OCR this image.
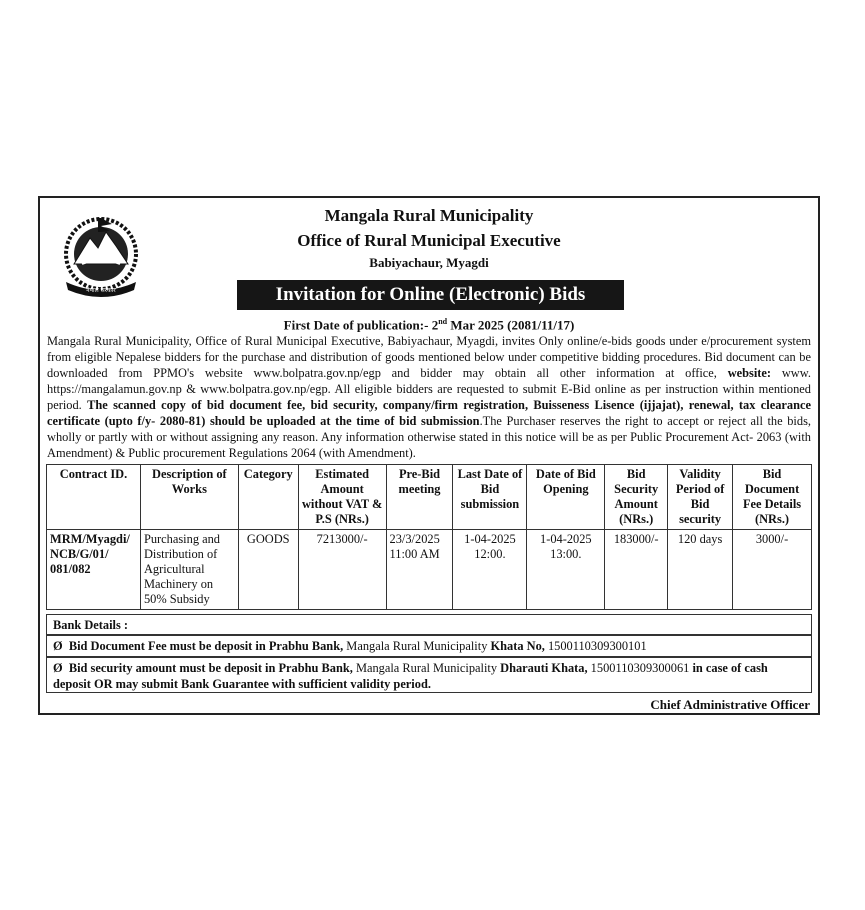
नेपाल सरकार
Mangala Rural Municipality
Office of Rural Municipal Executive
Babiyachaur, Myagdi
Invitation for Online (Electronic) Bids
First Date of publication:- 2nd Mar 2025 (2081/11/17)
Mangala Rural Municipality, Office of Rural Municipal Executive, Babiyachaur, Myagdi, invites Only online/e-bids goods under e/procurement system from eligible Nepalese bidders for the purchase and distribution of goods mentioned below under competitive bidding procedures. Bid document can be downloaded from PPMO's website www.bolpatra.gov.np/egp and bidder may obtain all other information at office, website: www. https://mangalamun.gov.np & www.bolpatra.gov.np/egp. All eligible bidders are requested to submit E-Bid online as per instruction within mentioned period. The scanned copy of bid document fee, bid security, company/firm registration, Buisseness Lisence (ijjajat), renewal, tax clearance certificate (upto f/y- 2080-81) should be uploaded at the time of bid submission.The Purchaser reserves the right to accept or reject all the bids, wholly or partly with or without assigning any reason. Any information otherwise stated in this notice will be as per Public Procurement Act- 2063 (with Amendment) & Public procurement Regulations 2064 (with Amendment).
Contract ID.	Description of Works	Category	Estimated Amount without VAT & P.S (NRs.)	Pre-Bid meeting	Last Date of Bid submission	Date of Bid Opening	Bid Security Amount (NRs.)	Validity Period of Bid security	Bid Document Fee Details (NRs.)
MRM/Myagdi/ NCB/G/01/ 081/082	Purchasing and Distribution of Agricultural Machinery on 50% Subsidy	GOODS	7213000/-	23/3/2025 11:00 AM	1-04-2025 12:00.	1-04-2025 13:00.	183000/-	120 days	3000/-
Bank Details :
Ø Bid Document Fee must be deposit in Prabhu Bank, Mangala Rural Municipality Khata No, 1500110309300101
Ø Bid security amount must be deposit in Prabhu Bank, Mangala Rural Municipality Dharauti Khata, 1500110309300061 in case of cash deposit OR may submit Bank Guarantee with sufficient validity period.
Chief Administrative Officer
